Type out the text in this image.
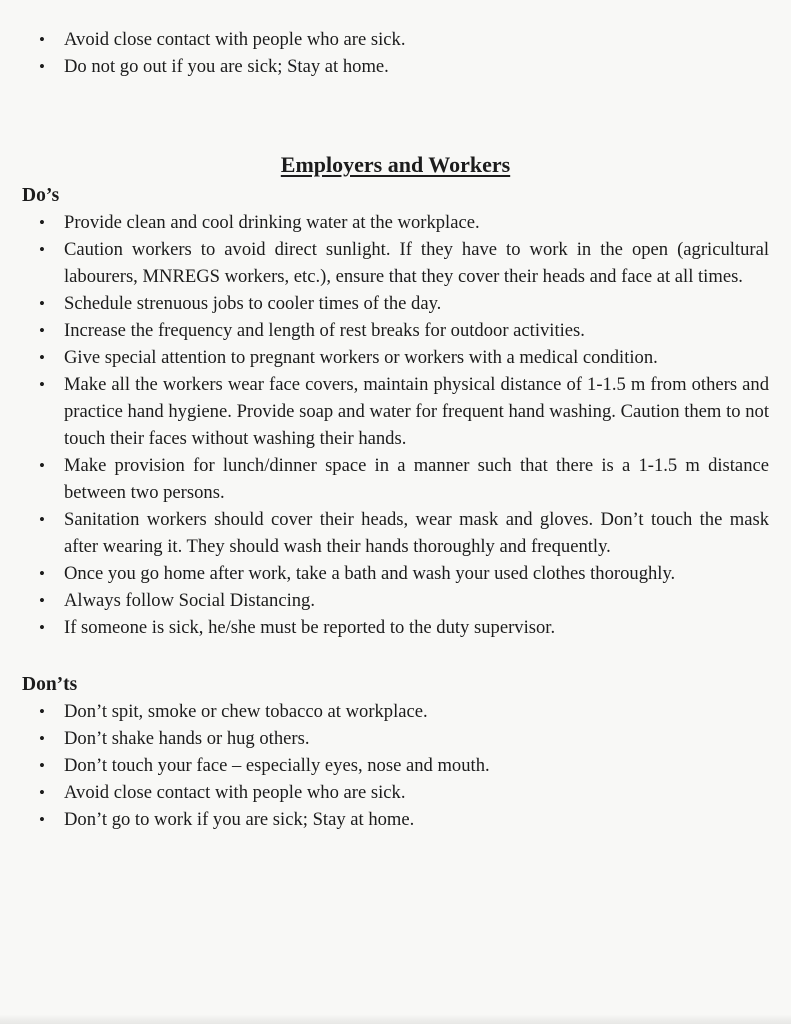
• Avoid close contact with people who are sick.
• Do not go out if you are sick; Stay at home.
Employers and Workers
Do’s
• Provide clean and cool drinking water at the workplace.
• Caution workers to avoid direct sunlight. If they have to work in the open (agricultural labourers, MNREGS workers, etc.), ensure that they cover their heads and face at all times.
• Schedule strenuous jobs to cooler times of the day.
• Increase the frequency and length of rest breaks for outdoor activities.
• Give special attention to pregnant workers or workers with a medical condition.
• Make all the workers wear face covers, maintain physical distance of 1-1.5 m from others and practice hand hygiene. Provide soap and water for frequent hand washing. Caution them to not touch their faces without washing their hands.
• Make provision for lunch/dinner space in a manner such that there is a 1-1.5 m distance between two persons.
• Sanitation workers should cover their heads, wear mask and gloves. Don’t touch the mask after wearing it. They should wash their hands thoroughly and frequently.
• Once you go home after work, take a bath and wash your used clothes thoroughly.
• Always follow Social Distancing.
• If someone is sick, he/she must be reported to the duty supervisor.
Don’ts
• Don’t spit, smoke or chew tobacco at workplace.
• Don’t shake hands or hug others.
• Don’t touch your face – especially eyes, nose and mouth.
• Avoid close contact with people who are sick.
• Don’t go to work if you are sick; Stay at home.
